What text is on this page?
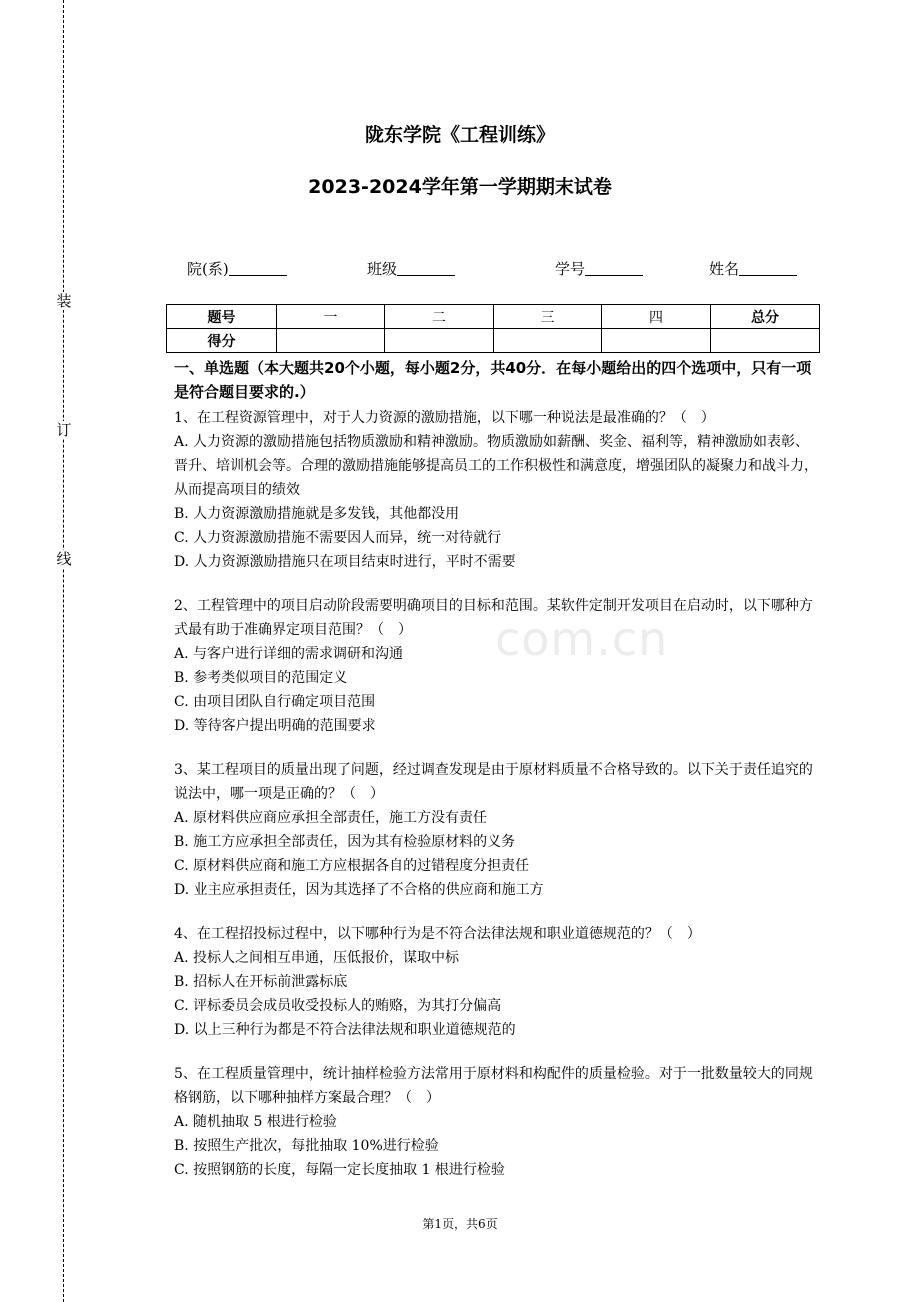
装
订
线
陇东学院《工程训练》
2023-2024学年第一学期期末试卷
院(系)	班级	学号	姓名
题号	一	二	三	四	总分
得分					
com.cn
一、单选题（本大题共20个小题，每小题2分，共40分．在每小题给出的四个选项中，只有一项是符合题目要求的.）

1、在工程资源管理中，对于人力资源的激励措施，以下哪一种说法是最准确的？（　）

A. 人力资源的激励措施包括物质激励和精神激励。物质激励如薪酬、奖金、福利等，精神激励如表彰、晋升、培训机会等。合理的激励措施能够提高员工的工作积极性和满意度，增强团队的凝聚力和战斗力，从而提高项目的绩效

B. 人力资源激励措施就是多发钱，其他都没用

C. 人力资源激励措施不需要因人而异，统一对待就行

D. 人力资源激励措施只在项目结束时进行，平时不需要

2、工程管理中的项目启动阶段需要明确项目的目标和范围。某软件定制开发项目在启动时，以下哪种方式最有助于准确界定项目范围？（　）

A. 与客户进行详细的需求调研和沟通

B. 参考类似项目的范围定义

C. 由项目团队自行确定项目范围

D. 等待客户提出明确的范围要求

3、某工程项目的质量出现了问题，经过调查发现是由于原材料质量不合格导致的。以下关于责任追究的说法中，哪一项是正确的？（　）

A. 原材料供应商应承担全部责任，施工方没有责任

B. 施工方应承担全部责任，因为其有检验原材料的义务

C. 原材料供应商和施工方应根据各自的过错程度分担责任

D. 业主应承担责任，因为其选择了不合格的供应商和施工方

4、在工程招投标过程中，以下哪种行为是不符合法律法规和职业道德规范的？（　）

A. 投标人之间相互串通，压低报价，谋取中标

B. 招标人在开标前泄露标底

C. 评标委员会成员收受投标人的贿赂，为其打分偏高

D. 以上三种行为都是不符合法律法规和职业道德规范的

5、在工程质量管理中，统计抽样检验方法常用于原材料和构配件的质量检验。对于一批数量较大的同规格钢筋，以下哪种抽样方案最合理？（　）

A. 随机抽取 5 根进行检验

B. 按照生产批次，每批抽取 10%进行检验

C. 按照钢筋的长度，每隔一定长度抽取 1 根进行检验

第1页，共6页
